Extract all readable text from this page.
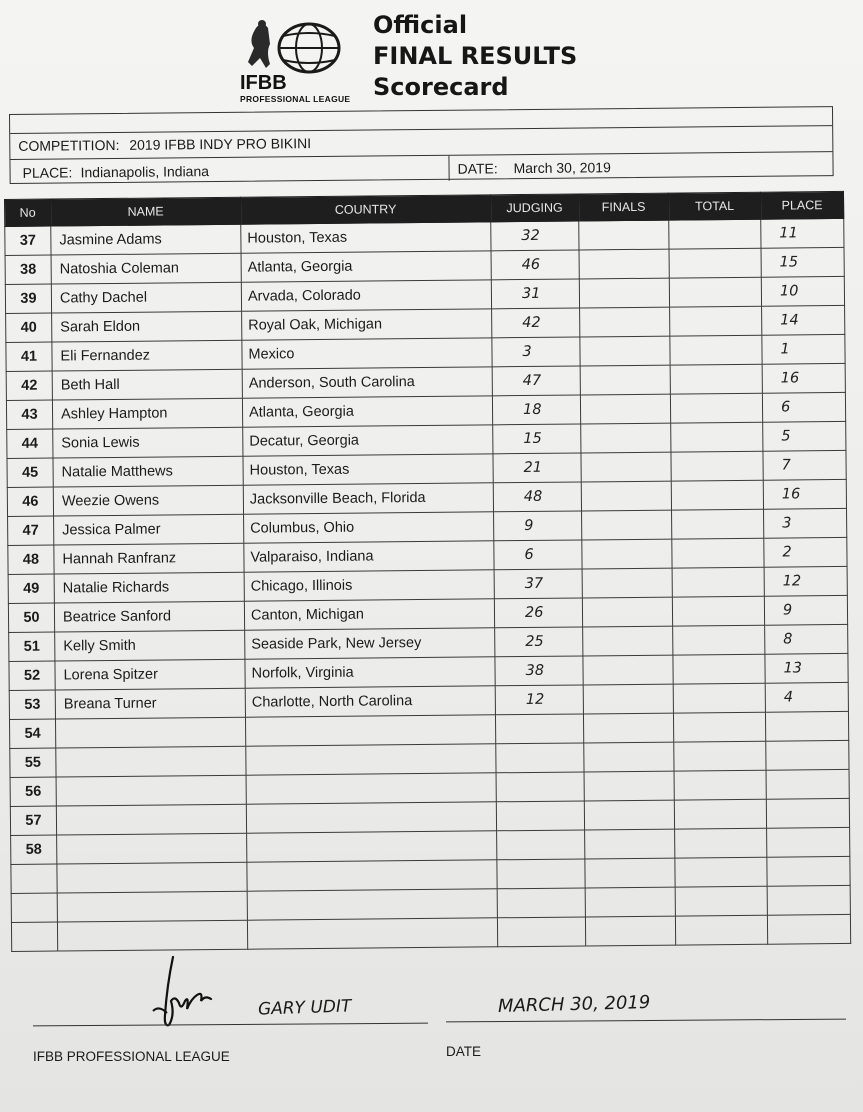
IFBB
PROFESSIONAL LEAGUE
Official
FINAL RESULTS
Scorecard
COMPETITION: 2019 IFBB INDY PRO BIKINI
PLACE: Indianapolis, Indiana	DATE: March 30, 2019
No	NAME	COUNTRY	JUDGING	FINALS	TOTAL	PLACE
37	Jasmine Adams	Houston, Texas	32			11
38	Natoshia Coleman	Atlanta, Georgia	46			15
39	Cathy Dachel	Arvada, Colorado	31			10
40	Sarah Eldon	Royal Oak, Michigan	42			14
41	Eli Fernandez	Mexico	3			1
42	Beth Hall	Anderson, South Carolina	47			16
43	Ashley Hampton	Atlanta, Georgia	18			6
44	Sonia Lewis	Decatur, Georgia	15			5
45	Natalie Matthews	Houston, Texas	21			7
46	Weezie Owens	Jacksonville Beach, Florida	48			16
47	Jessica Palmer	Columbus, Ohio	9			3
48	Hannah Ranfranz	Valparaiso, Indiana	6			2
49	Natalie Richards	Chicago, Illinois	37			12
50	Beatrice Sanford	Canton, Michigan	26			9
51	Kelly Smith	Seaside Park, New Jersey	25			8
52	Lorena Spitzer	Norfolk, Virginia	38			13
53	Breana Turner	Charlotte, North Carolina	12			4
54						
55						
56						
57						
58						

GARY UDIT
IFBB PROFESSIONAL LEAGUE
MARCH 30, 2019
DATE
